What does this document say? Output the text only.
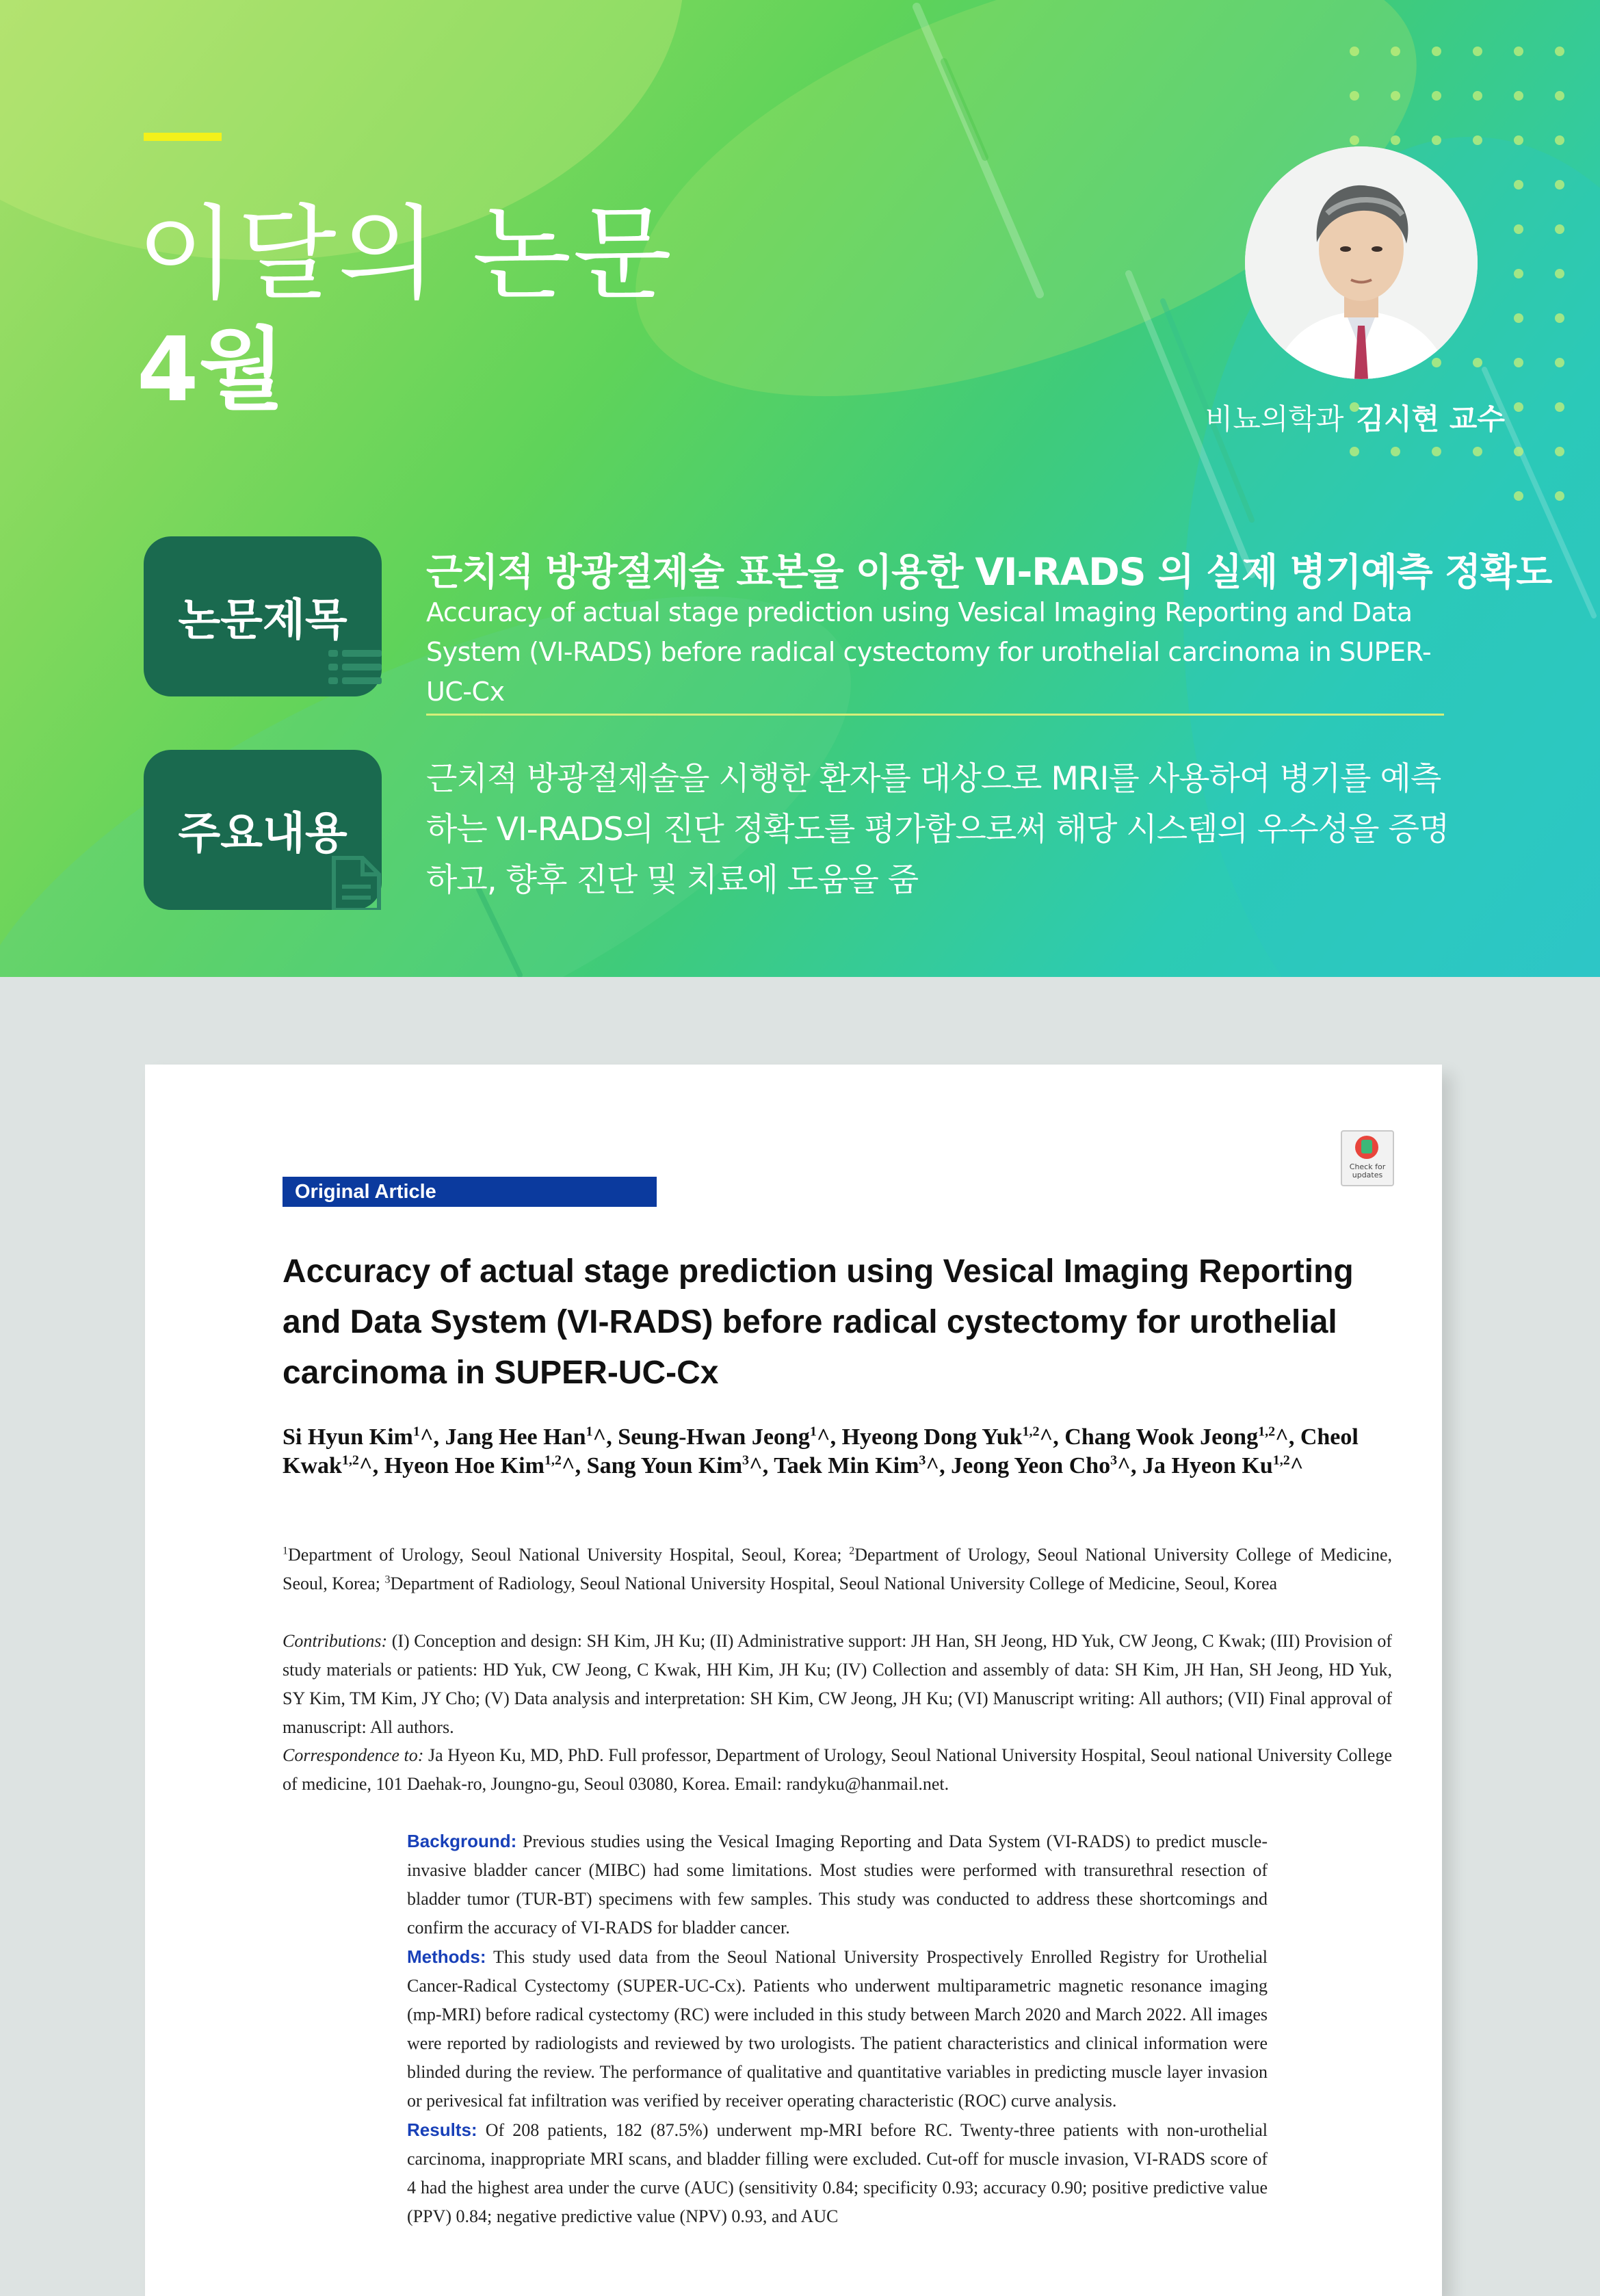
이달의 논문
4월	비뇨의학과 김시현 교수
논문제목
근치적 방광절제술 표본을 이용한 VI-RADS 의 실제 병기예측 정확도
Accuracy of actual stage prediction using Vesical Imaging Reporting and Data System (VI-RADS) before radical cystectomy for urothelial carcinoma in SUPER-UC-Cx
주요내용
근치적 방광절제술을 시행한 환자를 대상으로 MRI를 사용하여 병기를 예측하는 VI-RADS의 진단 정확도를 평가함으로써 해당 시스템의 우수성을 증명하고, 향후 진단 및 치료에 도움을 줌
Check for updates
Original Article
Accuracy of actual stage prediction using Vesical Imaging Reporting and Data System (VI-RADS) before radical cystectomy for urothelial carcinoma in SUPER-UC-Cx
Si Hyun Kim$^1$^, Jang Hee Han$^1$^, Seung-Hwan Jeong$^1$^, Hyeong Dong Yuk$^{1,2}$^, Chang Wook Jeong$^{1,2}$^, Cheol Kwak$^{1,2}$^, Hyeon Hoe Kim$^{1,2}$^, Sang Youn Kim$^3$^, Taek Min Kim$^3$^, Jeong Yeon Cho$^3$^, Ja Hyeon Ku$^{1,2}$^
$^1$Department of Urology, Seoul National University Hospital, Seoul, Korea; $^2$Department of Urology, Seoul National University College of Medicine, Seoul, Korea; $^3$Department of Radiology, Seoul National University Hospital, Seoul National University College of Medicine, Seoul, Korea
Contributions: (I) Conception and design: SH Kim, JH Ku; (II) Administrative support: JH Han, SH Jeong, HD Yuk, CW Jeong, C Kwak; (III) Provision of study materials or patients: HD Yuk, CW Jeong, C Kwak, HH Kim, JH Ku; (IV) Collection and assembly of data: SH Kim, JH Han, SH Jeong, HD Yuk, SY Kim, TM Kim, JY Cho; (V) Data analysis and interpretation: SH Kim, CW Jeong, JH Ku; (VI) Manuscript writing: All authors; (VII) Final approval of manuscript: All authors.
Correspondence to: Ja Hyeon Ku, MD, PhD. Full professor, Department of Urology, Seoul National University Hospital, Seoul national University College of medicine, 101 Daehak-ro, Joungno-gu, Seoul 03080, Korea. Email: randyku@hanmail.net.

Background: Previous studies using the Vesical Imaging Reporting and Data System (VI-RADS) to predict muscle-invasive bladder cancer (MIBC) had some limitations. Most studies were performed with transurethral resection of bladder tumor (TUR-BT) specimens with few samples. This study was conducted to address these shortcomings and confirm the accuracy of VI-RADS for bladder cancer.

Methods: This study used data from the Seoul National University Prospectively Enrolled Registry for Urothelial Cancer-Radical Cystectomy (SUPER-UC-Cx). Patients who underwent multiparametric magnetic resonance imaging (mp-MRI) before radical cystectomy (RC) were included in this study between March 2020 and March 2022. All images were reported by radiologists and reviewed by two urologists. The patient characteristics and clinical information were blinded during the review. The performance of qualitative and quantitative variables in predicting muscle layer invasion or perivesical fat infiltration was verified by receiver operating characteristic (ROC) curve analysis.

Results: Of 208 patients, 182 (87.5%) underwent mp-MRI before RC. Twenty-three patients with non-urothelial carcinoma, inappropriate MRI scans, and bladder filling were excluded. Cut-off for muscle invasion, VI-RADS score of 4 had the highest area under the curve (AUC) (sensitivity 0.84; specificity 0.93; accuracy 0.90; positive predictive value (PPV) 0.84; negative predictive value (NPV) 0.93, and AUC
